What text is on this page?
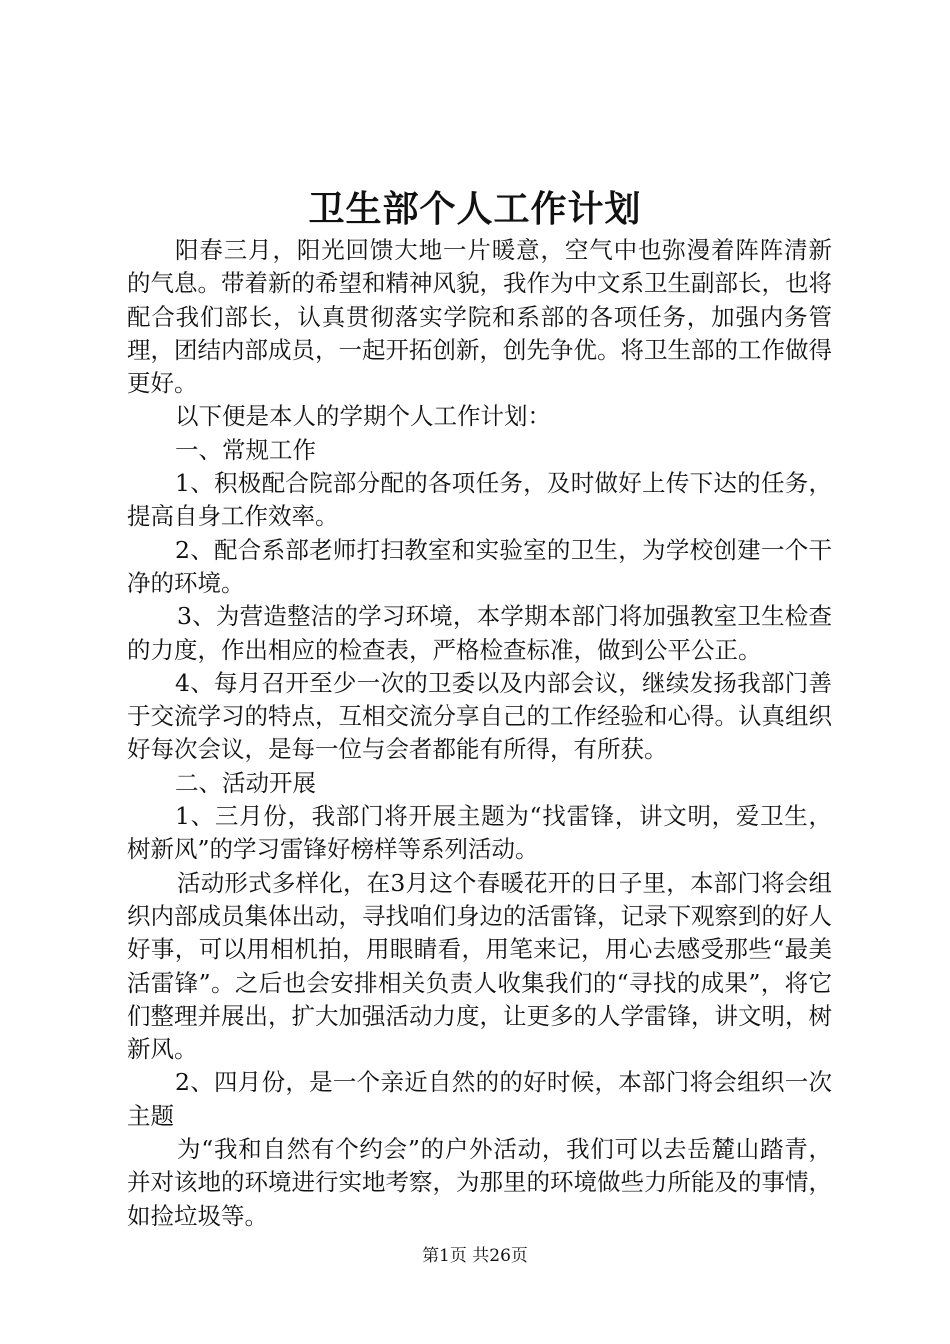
卫生部个人工作计划

阳春三月，阳光回馈大地一片暖意，空气中也弥漫着阵阵清新的气息。带着新的希望和精神风貌，我作为中文系卫生副部长，也将配合我们部长，认真贯彻落实学院和系部的各项任务，加强内务管理，团结内部成员，一起开拓创新，创先争优。将卫生部的工作做得更好。

以下便是本人的学期个人工作计划：

一、常规工作

1、积极配合院部分配的各项任务，及时做好上传下达的任务，提高自身工作效率。

2、配合系部老师打扫教室和实验室的卫生，为学校创建一个干净的环境。

3、为营造整洁的学习环境，本学期本部门将加强教室卫生检查的力度，作出相应的检查表，严格检查标准，做到公平公正。

4、每月召开至少一次的卫委以及内部会议，继续发扬我部门善于交流学习的特点，互相交流分享自己的工作经验和心得。认真组织好每次会议，是每一位与会者都能有所得，有所获。

二、活动开展

1、三月份，我部门将开展主题为“找雷锋，讲文明，爱卫生，树新风”的学习雷锋好榜样等系列活动。

活动形式多样化，在3月这个春暖花开的日子里，本部门将会组织内部成员集体出动，寻找咱们身边的活雷锋，记录下观察到的好人好事，可以用相机拍，用眼睛看，用笔来记，用心去感受那些“最美活雷锋”。之后也会安排相关负责人收集我们的“寻找的成果”，将它们整理并展出，扩大加强活动力度，让更多的人学雷锋，讲文明，树新风。

2、四月份，是一个亲近自然的的好时候，本部门将会组织一次主题

为“我和自然有个约会”的户外活动，我们可以去岳麓山踏青，并对该地的环境进行实地考察，为那里的环境做些力所能及的事情，如捡垃圾等。

第1页 共26页
